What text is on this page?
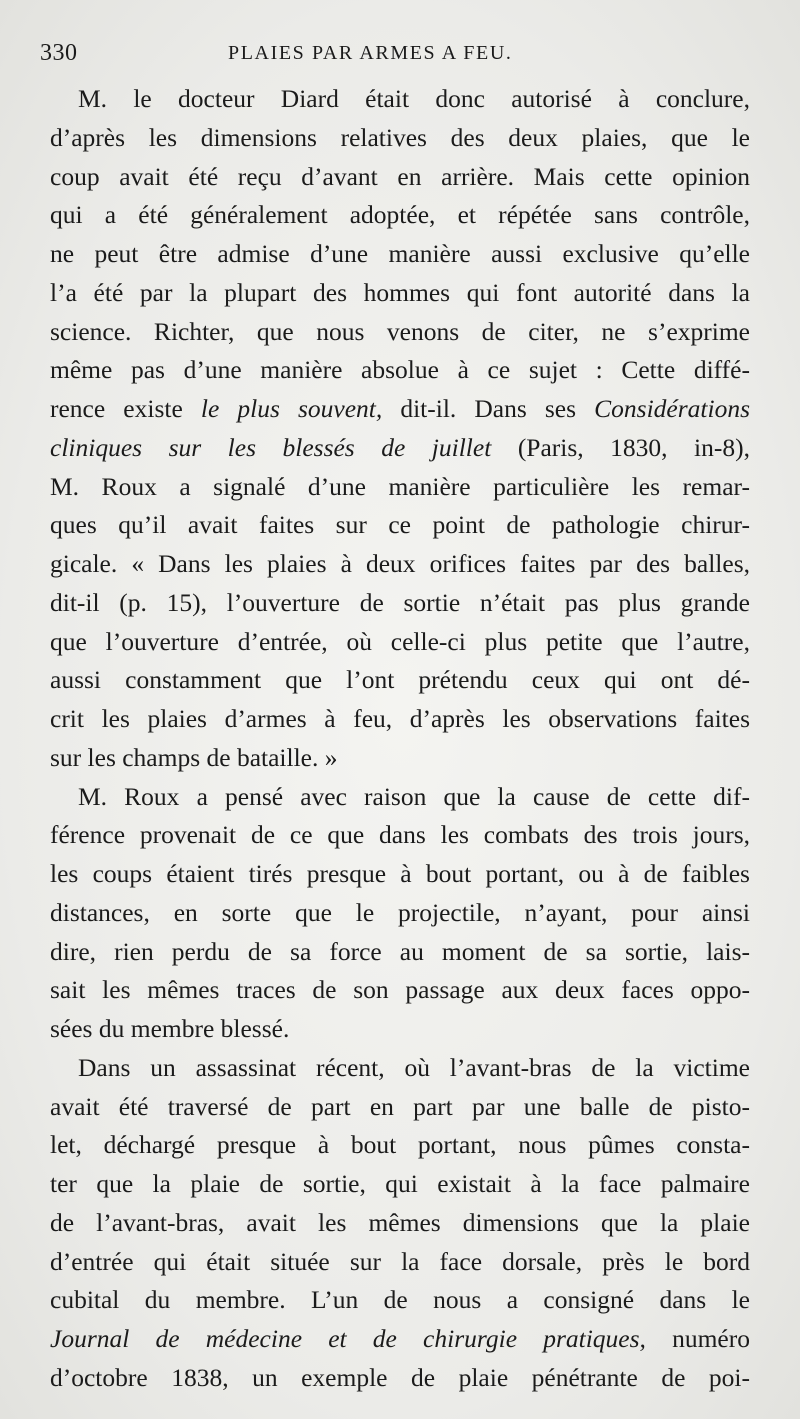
330	PLAIES PAR ARMES A FEU.
M. le docteur Diard était donc autorisé à conclure,
d’après les dimensions relatives des deux plaies, que le
coup avait été reçu d’avant en arrière. Mais cette opinion
qui a été généralement adoptée, et répétée sans contrôle,
ne peut être admise d’une manière aussi exclusive qu’elle
l’a été par la plupart des hommes qui font autorité dans la
science. Richter, que nous venons de citer, ne s’exprime
même pas d’une manière absolue à ce sujet : Cette diffé-
rence existe le plus souvent, dit-il. Dans ses Considérations
cliniques sur les blessés de juillet (Paris, 1830, in-8),
M. Roux a signalé d’une manière particulière les remar-
ques qu’il avait faites sur ce point de pathologie chirur-
gicale. « Dans les plaies à deux orifices faites par des balles,
dit-il (p. 15), l’ouverture de sortie n’était pas plus grande
que l’ouverture d’entrée, où celle-ci plus petite que l’autre,
aussi constamment que l’ont prétendu ceux qui ont dé-
crit les plaies d’armes à feu, d’après les observations faites
sur les champs de bataille. »
M. Roux a pensé avec raison que la cause de cette dif-
férence provenait de ce que dans les combats des trois jours,
les coups étaient tirés presque à bout portant, ou à de faibles
distances, en sorte que le projectile, n’ayant, pour ainsi
dire, rien perdu de sa force au moment de sa sortie, lais-
sait les mêmes traces de son passage aux deux faces oppo-
sées du membre blessé.
Dans un assassinat récent, où l’avant-bras de la victime
avait été traversé de part en part par une balle de pisto-
let, déchargé presque à bout portant, nous pûmes consta-
ter que la plaie de sortie, qui existait à la face palmaire
de l’avant-bras, avait les mêmes dimensions que la plaie
d’entrée qui était située sur la face dorsale, près le bord
cubital du membre. L’un de nous a consigné dans le
Journal de médecine et de chirurgie pratiques, numéro
d’octobre 1838, un exemple de plaie pénétrante de poi-
